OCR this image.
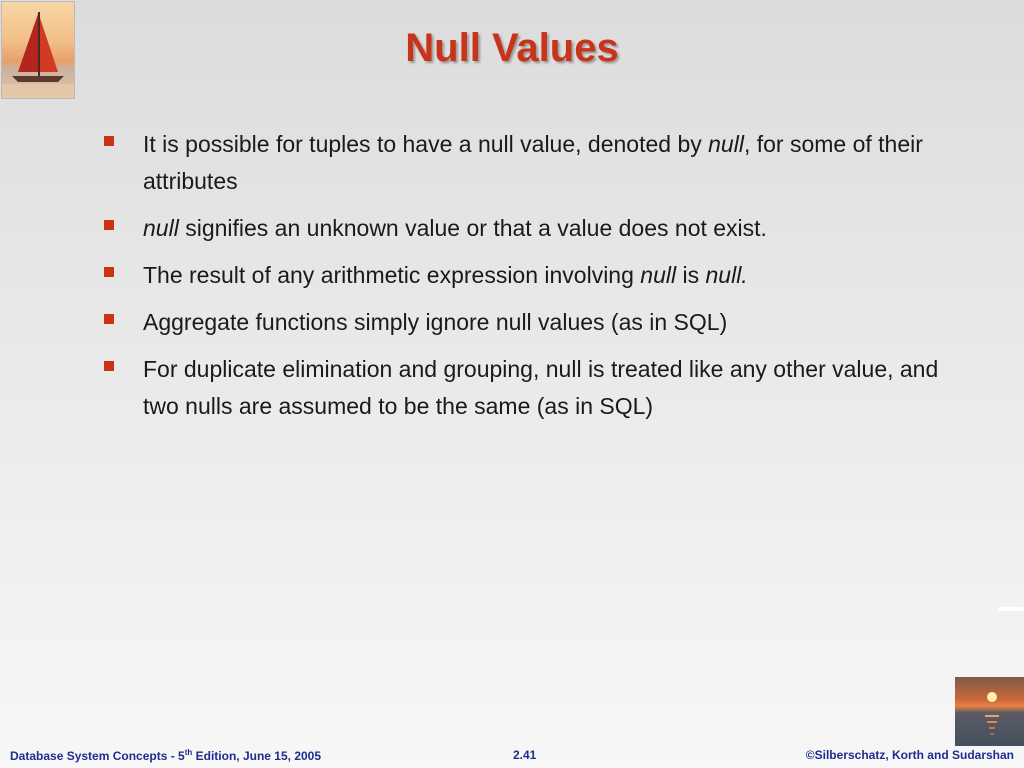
Null Values
It is possible for tuples to have a null value, denoted by null, for some of their attributes
null signifies an unknown value or that a value does not exist.
The result of any arithmetic expression involving null is null.
Aggregate functions simply ignore null values (as in SQL)
For duplicate elimination and grouping, null is treated like any other value, and two nulls are assumed to be the same (as in SQL)
Database System Concepts - 5th Edition, June 15, 2005	2.41	©Silberschatz, Korth and Sudarshan
